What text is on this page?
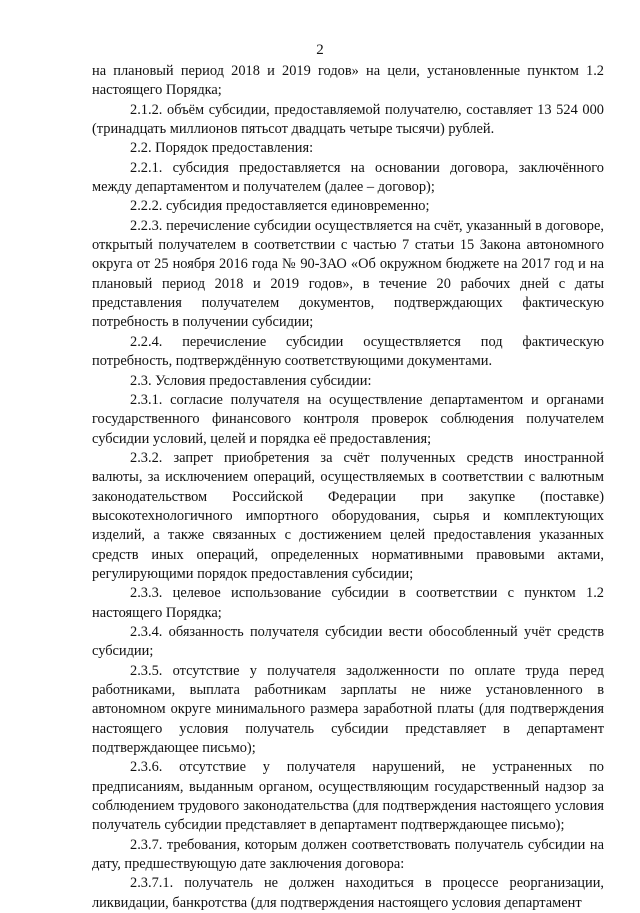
2

на плановый период 2018 и 2019 годов» на цели, установленные пунктом 1.2 настоящего Порядка;

2.1.2. объём субсидии, предоставляемой получателю, составляет 13 524 000 (тринадцать миллионов пятьсот двадцать четыре тысячи) рублей.

2.2. Порядок предоставления:

2.2.1. субсидия предоставляется на основании договора, заключённого между департаментом и получателем (далее – договор);

2.2.2. субсидия предоставляется единовременно;

2.2.3. перечисление субсидии осуществляется на счёт, указанный в договоре, открытый получателем в соответствии с частью 7 статьи 15 Закона автономного округа от 25 ноября 2016 года № 90-ЗАО «Об окружном бюджете на 2017 год и на плановый период 2018 и 2019 годов», в течение 20 рабочих дней с даты представления получателем документов, подтверждающих фактическую потребность в получении субсидии;

2.2.4. перечисление субсидии осуществляется под фактическую потребность, подтверждённую соответствующими документами.

2.3. Условия предоставления субсидии:

2.3.1. согласие получателя на осуществление департаментом и органами государственного финансового контроля проверок соблюдения получателем субсидии условий, целей и порядка её предоставления;

2.3.2. запрет приобретения за счёт полученных средств иностранной валюты, за исключением операций, осуществляемых в соответствии с валютным законодательством Российской Федерации при закупке (поставке) высокотехнологичного импортного оборудования, сырья и комплектующих изделий, а также связанных с достижением целей предоставления указанных средств иных операций, определенных нормативными правовыми актами, регулирующими порядок предоставления субсидии;

2.3.3. целевое использование субсидии в соответствии с пунктом 1.2 настоящего Порядка;

2.3.4. обязанность получателя субсидии вести обособленный учёт средств субсидии;

2.3.5. отсутствие у получателя задолженности по оплате труда перед работниками, выплата работникам зарплаты не ниже установленного в автономном округе минимального размера заработной платы (для подтверждения настоящего условия получатель субсидии представляет в департамент подтверждающее письмо);

2.3.6. отсутствие у получателя нарушений, не устраненных по предписаниям, выданным органом, осуществляющим государственный надзор за соблюдением трудового законодательства (для подтверждения настоящего условия получатель субсидии представляет в департамент подтверждающее письмо);

2.3.7. требования, которым должен соответствовать получатель субсидии на дату, предшествующую дате заключения договора:

2.3.7.1. получатель не должен находиться в процессе реорганизации, ликвидации, банкротства (для подтверждения настоящего условия департамент
